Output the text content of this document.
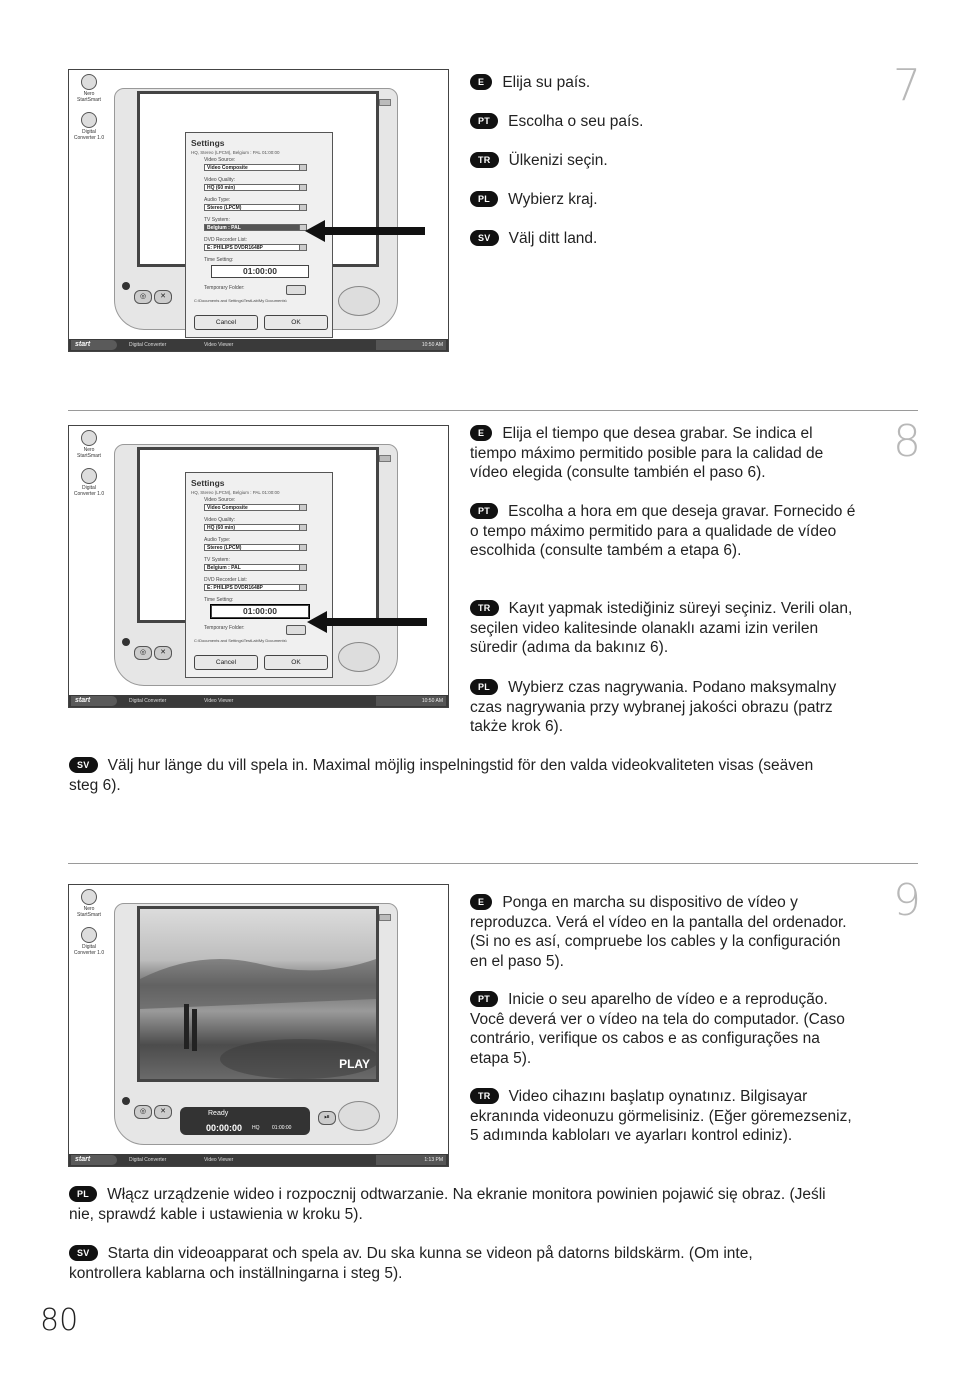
Nero StartSmart
Digital Converter 1.0
◎	✕
Settings
HQ, Stereo (LPCM), Belgium : PAL 01:00:00
Video Source:
Video Composite
Video Quality:
HQ (60 min)
Audio Type:
Stereo (LPCM)
TV System:
Belgium : PAL
DVD Recorder List:
E: PHILIPS DVDR1648P
Time Setting:
01:00:00
Temporary Folder:
C:\Documents and Settings\TestLab\My Documents\
Cancel	OK
start	Digital Converter	Video Viewer	10:50 AM
E Elija su país.
PT Escolha o seu país.
TR Ülkenizi seçin.
PL Wybierz kraj.
SV Välj ditt land.
7
Nero StartSmart
Digital Converter 1.0
◎	✕
Settings
HQ, Stereo (LPCM), Belgium : PAL 01:00:00
Video Source:
Video Composite
Video Quality:
HQ (60 min)
Audio Type:
Stereo (LPCM)
TV System:
Belgium : PAL
DVD Recorder List:
E: PHILIPS DVDR1648P
Time Setting:
01:00:00
Temporary Folder:
C:\Documents and Settings\TestLab\My Documents\
Cancel	OK
start	Digital Converter	Video Viewer	10:50 AM
E Elija el tiempo que desea grabar. Se indica el tiempo máximo permitido posible para la calidad de vídeo elegida (consulte también el paso 6).
PT Escolha a hora em que deseja gravar. Fornecido é o tempo máximo permitido para a qualidade de vídeo escolhida (consulte também a etapa 6).
TR Kayıt yapmak istediğiniz süreyi seçiniz. Verili olan, seçilen video kalitesinde olanaklı azami izin verilen süredir (adıma da bakınız 6).
PL Wybierz czas nagrywania. Podano maksymalny czas nagrywania przy wybranej jakości obrazu (patrz także krok 6).
SV Välj hur länge du vill spela in. Maximal möjlig inspelningstid för den valda videokvaliteten visas (seäven steg 6).
8
Nero StartSmart
Digital Converter 1.0
PLAY
◎	✕	Ready
00:00:00 HQ	01:00:00
⏯
start	Digital Converter	Video Viewer	1:13 PM
E Ponga en marcha su dispositivo de vídeo y reproduzca. Verá el vídeo en la pantalla del ordenador. (Si no es así, compruebe los cables y la configuración en el paso 5).
PT Inicie o seu aparelho de vídeo e a reprodução. Você deverá ver o vídeo na tela do computador. (Caso contrário, verifique os cabos e as configurações na etapa 5).
TR Video cihazını başlatıp oynatınız. Bilgisayar ekranında videonuzu görmelisiniz. (Eğer göremezseniz, 5 adımında kabloları ve ayarları kontrol ediniz).
PL Włącz urządzenie wideo i rozpocznij odtwarzanie. Na ekranie monitora powinien pojawić się obraz. (Jeśli nie, sprawdź kable i ustawienia w kroku 5).
SV Starta din videoapparat och spela av. Du ska kunna se videon på datorns bildskärm. (Om inte, kontrollera kablarna och inställningarna i steg 5).
9
80
